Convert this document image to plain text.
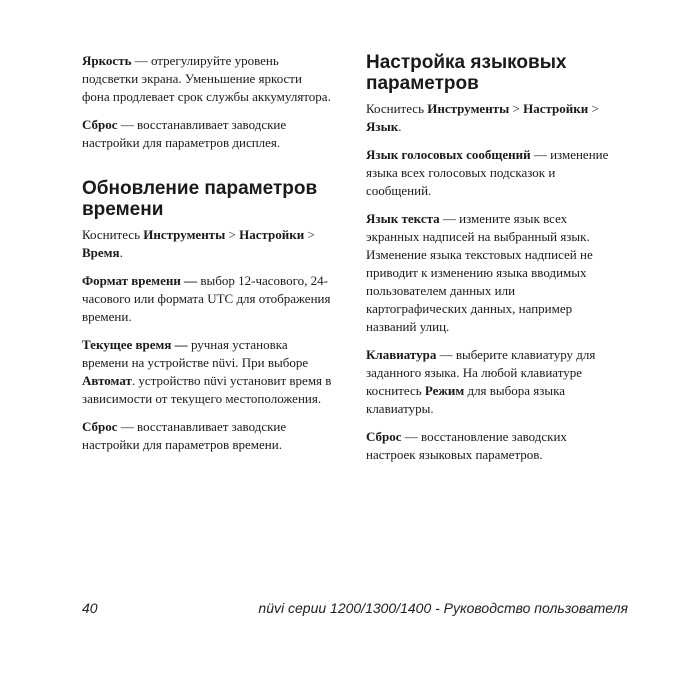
Яркость — отрегулируйте уровень подсветки экрана. Уменьшение яркости фона продлевает срок службы аккумулятора.

Сброс — восстанавливает заводские настройки для параметров дисплея.

Обновление параметров времени

Коснитесь Инструменты > Настройки > Время.

Формат времени — выбор 12-часового, 24-часового или формата UTC для отображения времени.

Текущее время — ручная установка времени на устройстве nüvi. При выборе Автомат. устройство nüvi установит время в зависимости от текущего местоположения.

Сброс — восстанавливает заводские настройки для параметров времени.

Настройка языковых параметров

Коснитесь Инструменты > Настройки > Язык.

Язык голосовых сообщений — изменение языка всех голосовых подсказок и сообщений.

Язык текста — измените язык всех экранных надписей на выбранный язык. Изменение языка текстовых надписей не приводит к изменению языка вводимых пользователем данных или картографических данных, например названий улиц.

Клавиатура — выберите клавиатуру для заданного языка. На любой клавиатуре коснитесь Режим для выбора языка клавиатуры.

Сброс — восстановление заводских настроек языковых параметров.

40	nüvi серии 1200/1300/1400 - Руководство пользователя
